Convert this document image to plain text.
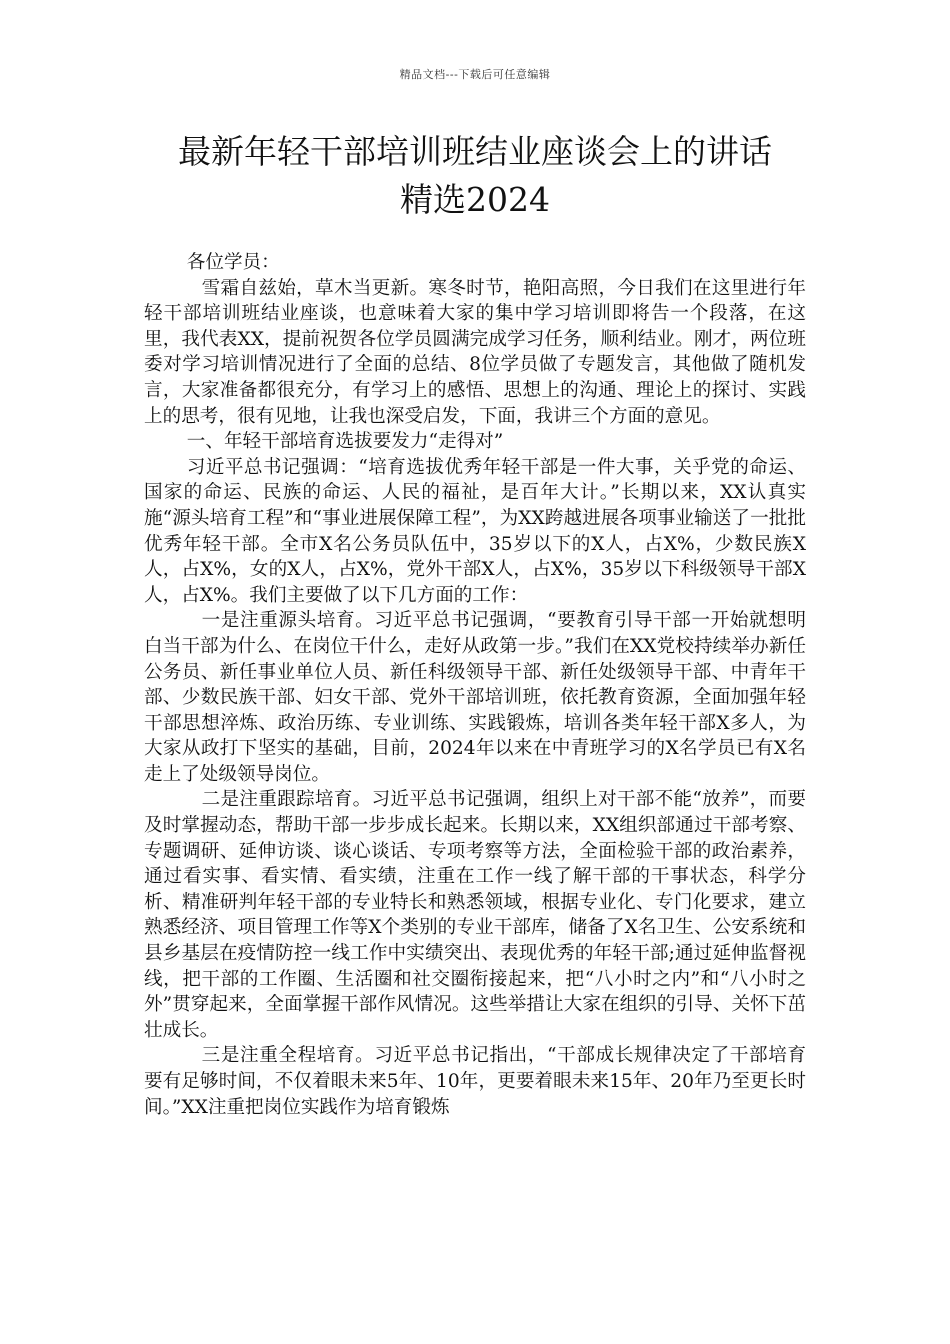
精品文档---下载后可任意编辑
最新年轻干部培训班结业座谈会上的讲话
精选2024

各位学员：

雪霜自兹始，草木当更新。寒冬时节，艳阳高照，今日我们在这里进行年轻干部培训班结业座谈，也意味着大家的集中学习培训即将告一个段落，在这里，我代表XX，提前祝贺各位学员圆满完成学习任务，顺利结业。刚才，两位班委对学习培训情况进行了全面的总结、8位学员做了专题发言，其他做了随机发言，大家准备都很充分，有学习上的感悟、思想上的沟通、理论上的探讨、实践上的思考，很有见地，让我也深受启发，下面，我讲三个方面的意见。

一、年轻干部培育选拔要发力“走得对”

习近平总书记强调：“培育选拔优秀年轻干部是一件大事，关乎党的命运、国家的命运、民族的命运、人民的福祉，是百年大计。”长期以来，XX认真实施“源头培育工程”和“事业进展保障工程”，为XX跨越进展各项事业输送了一批批优秀年轻干部。全市X名公务员队伍中，35岁以下的X人，占X%，少数民族X人，占X%，女的X人，占X%，党外干部X人，占X%，35岁以下科级领导干部X人，占X%。我们主要做了以下几方面的工作：

一是注重源头培育。习近平总书记强调，“要教育引导干部一开始就想明白当干部为什么、在岗位干什么，走好从政第一步。”我们在XX党校持续举办新任公务员、新任事业单位人员、新任科级领导干部、新任处级领导干部、中青年干部、少数民族干部、妇女干部、党外干部培训班，依托教育资源，全面加强年轻干部思想淬炼、政治历练、专业训练、实践锻炼，培训各类年轻干部X多人，为大家从政打下坚实的基础，目前，2024年以来在中青班学习的X名学员已有X名走上了处级领导岗位。

二是注重跟踪培育。习近平总书记强调，组织上对干部不能“放养”，而要及时掌握动态，帮助干部一步步成长起来。长期以来，XX组织部通过干部考察、专题调研、延伸访谈、谈心谈话、专项考察等方法，全面检验干部的政治素养，通过看实事、看实情、看实绩，注重在工作一线了解干部的干事状态，科学分析、精准研判年轻干部的专业特长和熟悉领域，根据专业化、专门化要求，建立熟悉经济、项目管理工作等X个类别的专业干部库，储备了X名卫生、公安系统和县乡基层在疫情防控一线工作中实绩突出、表现优秀的年轻干部;通过延伸监督视线，把干部的工作圈、生活圈和社交圈衔接起来，把“八小时之内”和“八小时之外”贯穿起来，全面掌握干部作风情况。这些举措让大家在组织的引导、关怀下茁壮成长。

三是注重全程培育。习近平总书记指出，“干部成长规律决定了干部培育要有足够时间，不仅着眼未来5年、10年，更要着眼未来15年、20年乃至更长时间。”XX注重把岗位实践作为培育锻炼
